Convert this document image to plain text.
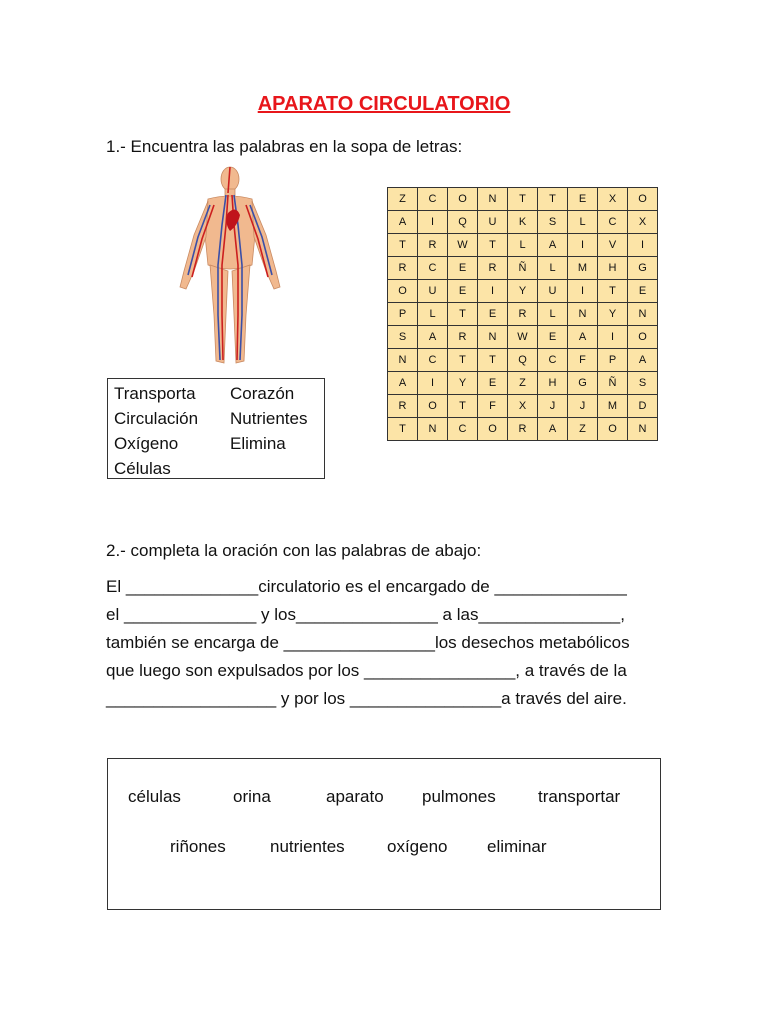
APARATO CIRCULATORIO
1.- Encuentra las palabras en la sopa de letras:
Transporta	Corazón
Circulación	Nutrientes
Oxígeno	Elimina
Células
Z	C	O	N	T	T	E	X	O
A	I	Q	U	K	S	L	C	X
T	R	W	T	L	A	I	V	I
R	C	E	R	Ñ	L	M	H	G
O	U	E	I	Y	U	I	T	E
P	L	T	E	R	L	N	Y	N
S	A	R	N	W	E	A	I	O
N	C	T	T	Q	C	F	P	A
A	I	Y	E	Z	H	G	Ñ	S
R	O	T	F	X	J	J	M	D
T	N	C	O	R	A	Z	O	N
2.- completa la oración con las palabras de abajo:
El ______________circulatorio es el encargado de ______________
el ______________ y los_______________ a las_______________,
también se encarga de ________________los desechos metabólicos
que luego son expulsados por los ________________, a través de la
__________________ y por los ________________a través del aire.
células	orina	aparato pulmones transportar
riñones	nutrientes oxígeno eliminar
